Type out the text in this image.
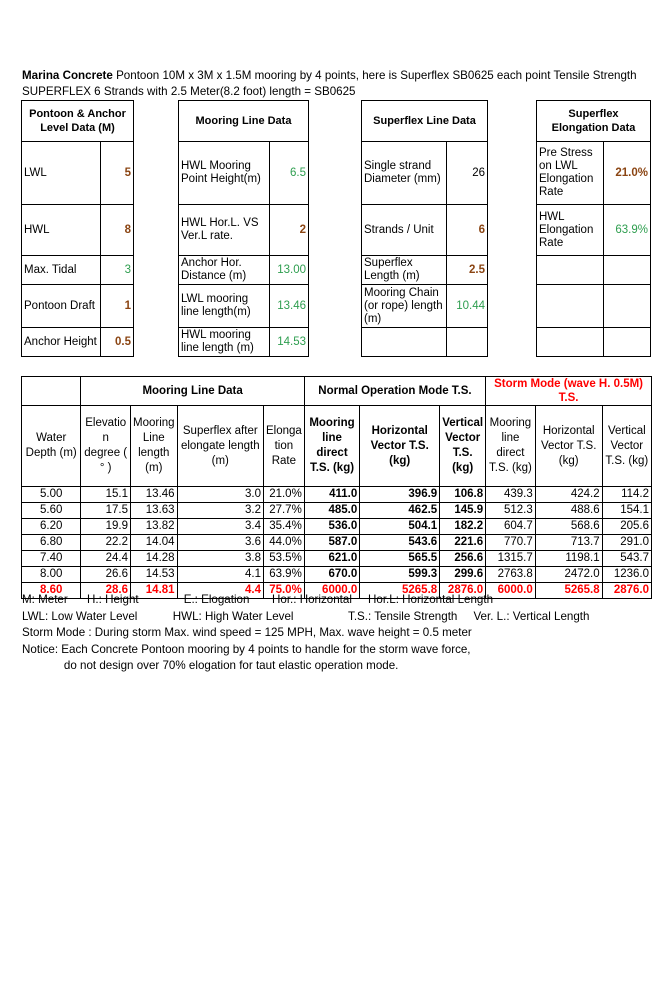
Marina Concrete Pontoon 10M x 3M x 1.5M mooring by 4 points, here is Superflex SB0625 each point Tensile Strength
SUPERFLEX 6 Strands with 2.5 Meter(8.2 foot) length = SB0625
Pontoon & Anchor Level Data (M)	
LWL	5
HWL	8
Max. Tidal	3
Pontoon Draft	1
Anchor Height	0.5
Mooring Line Data	
HWL Mooring Point Height(m)	6.5
HWL Hor.L. VS Ver.L rate.	2
Anchor Hor. Distance (m)	13.00
LWL mooring line length(m)	13.46
HWL mooring line length (m)	14.53
Superflex Line Data	
Single strand Diameter (mm)	26
Strands / Unit	6
Superflex Length (m)	2.5
Mooring Chain (or rope) length (m)	10.44

Superflex Elongation Data	
Pre Stress on LWL Elongation Rate	21.0%
HWL Elongation Rate	63.9%

	Mooring Line Data				Normal Operation Mode T.S.			Storm Mode (wave H. 0.5M) T.S.		
Water Depth (m)	Elevatio n degree ( ° )	Mooring Line length (m)	Superflex after elongate length (m)	Elonga tion Rate	Mooring line direct T.S. (kg)	Horizontal Vector T.S. (kg)	Vertical Vector T.S. (kg)	Mooring line direct T.S. (kg)	Horizontal Vector T.S. (kg)	Vertical Vector T.S. (kg)
5.00	15.1	13.46	3.0	21.0%	411.0	396.9	106.8	439.3	424.2	114.2
5.60	17.5	13.63	3.2	27.7%	485.0	462.5	145.9	512.3	488.6	154.1
6.20	19.9	13.82	3.4	35.4%	536.0	504.1	182.2	604.7	568.6	205.6
6.80	22.2	14.04	3.6	44.0%	587.0	543.6	221.6	770.7	713.7	291.0
7.40	24.4	14.28	3.8	53.5%	621.0	565.5	256.6	1315.7	1198.1	543.7
8.00	26.6	14.53	4.1	63.9%	670.0	599.3	299.6	2763.8	2472.0	1236.0
8.60	28.6	14.81	4.4	75.0%	6000.0	5265.8	2876.0	6000.0	5265.8	2876.0
M: Meter      H.: Height              E.: Elogation       Hor.: Horizontal     Hor.L: Horizontal Length
LWL: Low Water Level           HWL: High Water Level                 T.S.: Tensile Strength     Ver. L.: Vertical Length
Storm Mode : During storm Max. wind speed = 125 MPH, Max. wave height = 0.5 meter
Notice: Each Concrete Pontoon mooring by 4 points to handle for the storm wave force,
do not design over 70% elogation for taut elastic operation mode.
